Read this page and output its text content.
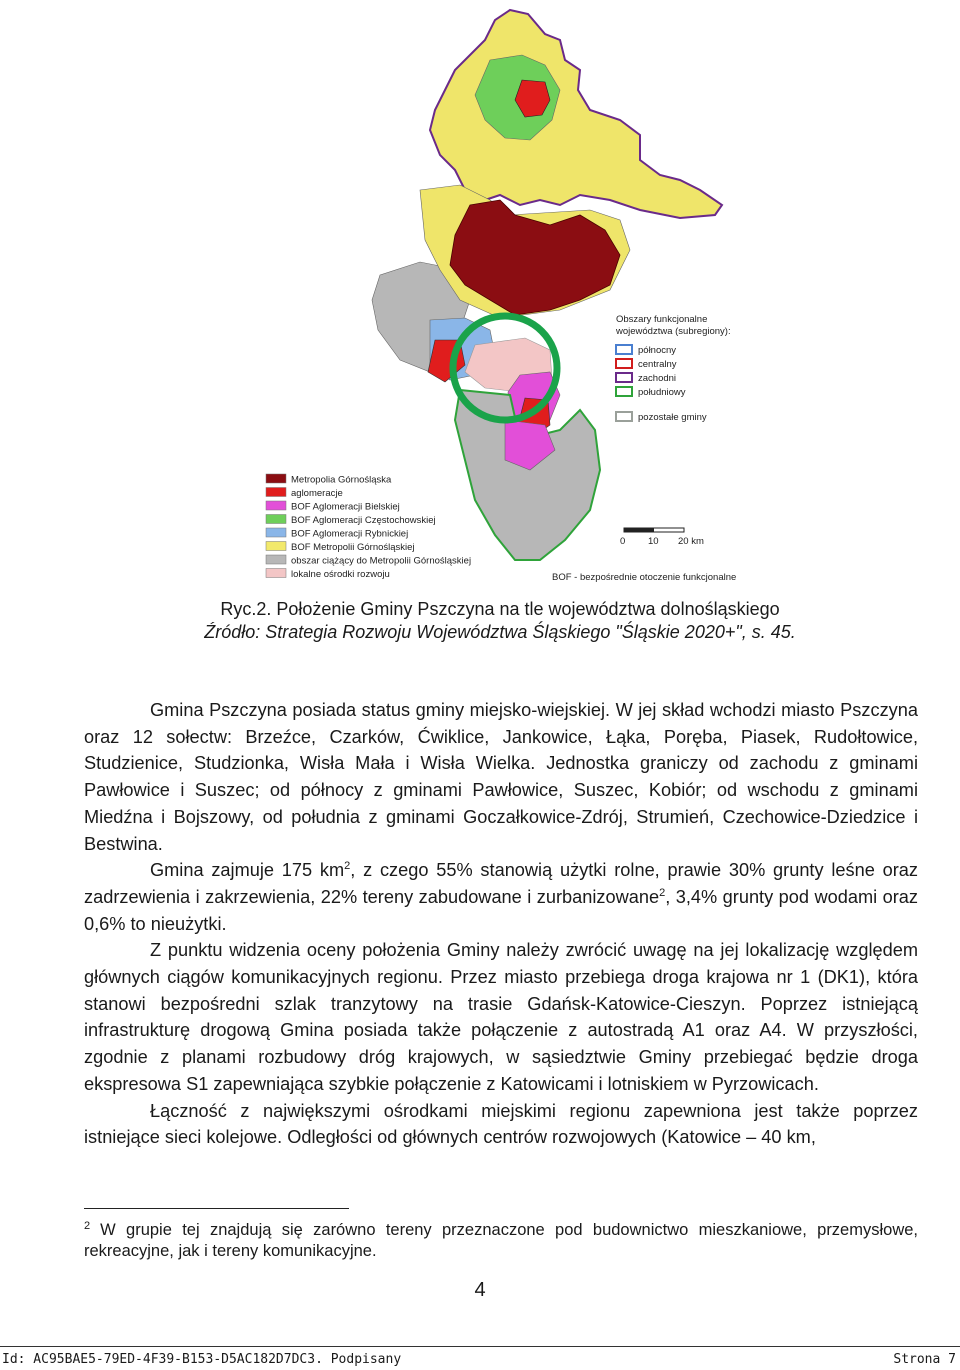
Obszary funkcjonalne
województwa (subregiony):
północny
centralny
zachodni
południowy
pozostałe gminy
Metropolia Górnośląska
aglomeracje
BOF Aglomeracji Bielskiej
BOF Aglomeracji Częstochowskiej
BOF Aglomeracji Rybnickiej
BOF Metropolii Górnośląskiej
obszar ciążący do Metropolii Górnośląskiej
lokalne ośrodki rozwoju
0 10 20 km
BOF - bezpośrednie otoczenie funkcjonalne
Ryc.2. Położenie Gminy Pszczyna na tle województwa dolnośląskiego
Źródło: Strategia Rozwoju Województwa Śląskiego "Śląskie 2020+", s. 45.

Gmina Pszczyna posiada status gminy miejsko-wiejskiej. W jej skład wchodzi miasto Pszczyna oraz 12 sołectw: Brzeźce, Czarków, Ćwiklice, Jankowice, Łąka, Poręba, Piasek, Rudołtowice, Studzienice, Studzionka, Wisła Mała i Wisła Wielka. Jednostka graniczy od zachodu z gminami Pawłowice i Suszec; od północy z gminami Pawłowice, Suszec, Kobiór; od wschodu z gminami Miedźna i Bojszowy, od południa z gminami Goczałkowice-Zdrój, Strumień, Czechowice-Dziedzice i Bestwina.

Gmina zajmuje 175 $km^2$, z czego 55% stanowią użytki rolne, prawie 30% grunty leśne oraz zadrzewienia i zakrzewienia, 22% tereny zabudowane i zurbanizowane$^2$, 3,4% grunty pod wodami oraz 0,6% to nieużytki.

Z punktu widzenia oceny położenia Gminy należy zwrócić uwagę na jej lokalizację względem głównych ciągów komunikacyjnych regionu. Przez miasto przebiega droga krajowa nr 1 (DK1), która stanowi bezpośredni szlak tranzytowy na trasie Gdańsk-Katowice-Cieszyn. Poprzez istniejącą infrastrukturę drogową Gmina posiada także połączenie z autostradą A1 oraz A4. W przyszłości, zgodnie z planami rozbudowy dróg krajowych, w sąsiedztwie Gminy przebiegać będzie droga ekspresowa S1 zapewniająca szybkie połączenie z Katowicami i lotniskiem w Pyrzowicach.

Łączność z największymi ośrodkami miejskimi regionu zapewniona jest także poprzez istniejące sieci kolejowe. Odległości od głównych centrów rozwojowych (Katowice – 40 km,

$^2$ W grupie tej znajdują się zarówno tereny przeznaczone pod budownictwo mieszkaniowe, przemysłowe, rekreacyjne, jak i tereny komunikacyjne.
4
Id: AC95BAE5-79ED-4F39-B153-D5AC182D7DC3. Podpisany	Strona 7
